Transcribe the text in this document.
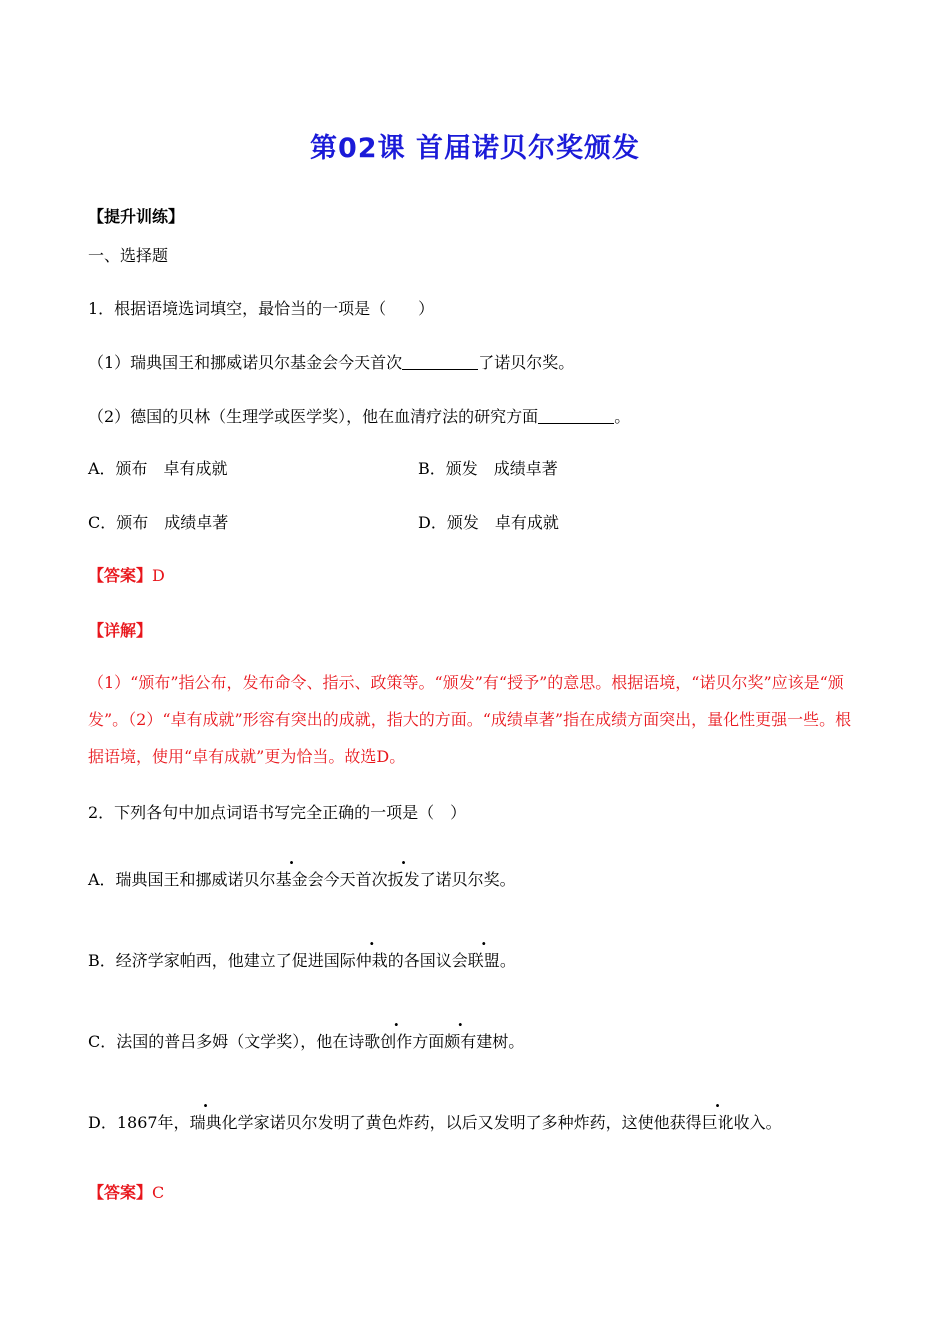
第02课 首届诺贝尔奖颁发
【提升训练】
一、选择题
1．根据语境选词填空，最恰当的一项是（　　）
（1）瑞典国王和挪威诺贝尔基金会今天首次	了诺贝尔奖。
（2）德国的贝林（生理学或医学奖），他在血清疗法的研究方面	。
A．颁布　卓有成就	B．颁发　成绩卓著
C．颁布　成绩卓著	D．颁发　卓有成就
【答案】D
【详解】
（1）“颁布”指公布，发布命令、指示、政策等。“颁发”有“授予”的意思。根据语境，“诺贝尔奖”应该是“颁发”。（2）“卓有成就”形容有突出的成就，指大的方面。“成绩卓著”指在成绩方面突出，量化性更强一些。根据语境，使用“卓有成就”更为恰当。故选D。
2．下列各句中加点词语书写完全正确的一项是（　）
A．瑞典国王和挪威诺贝尔基金会今天首次扳发了诺贝尔奖。
B．经济学家帕西，他建立了促进国际仲栽的各国议会联盟。
C．法国的普吕多姆（文学奖），他在诗歌创作方面颇有建树。
D．1867年，瑞典化学家诺贝尔发明了黄色炸药，以后又发明了多种炸药，这使他获得巨讹收入。
【答案】C
